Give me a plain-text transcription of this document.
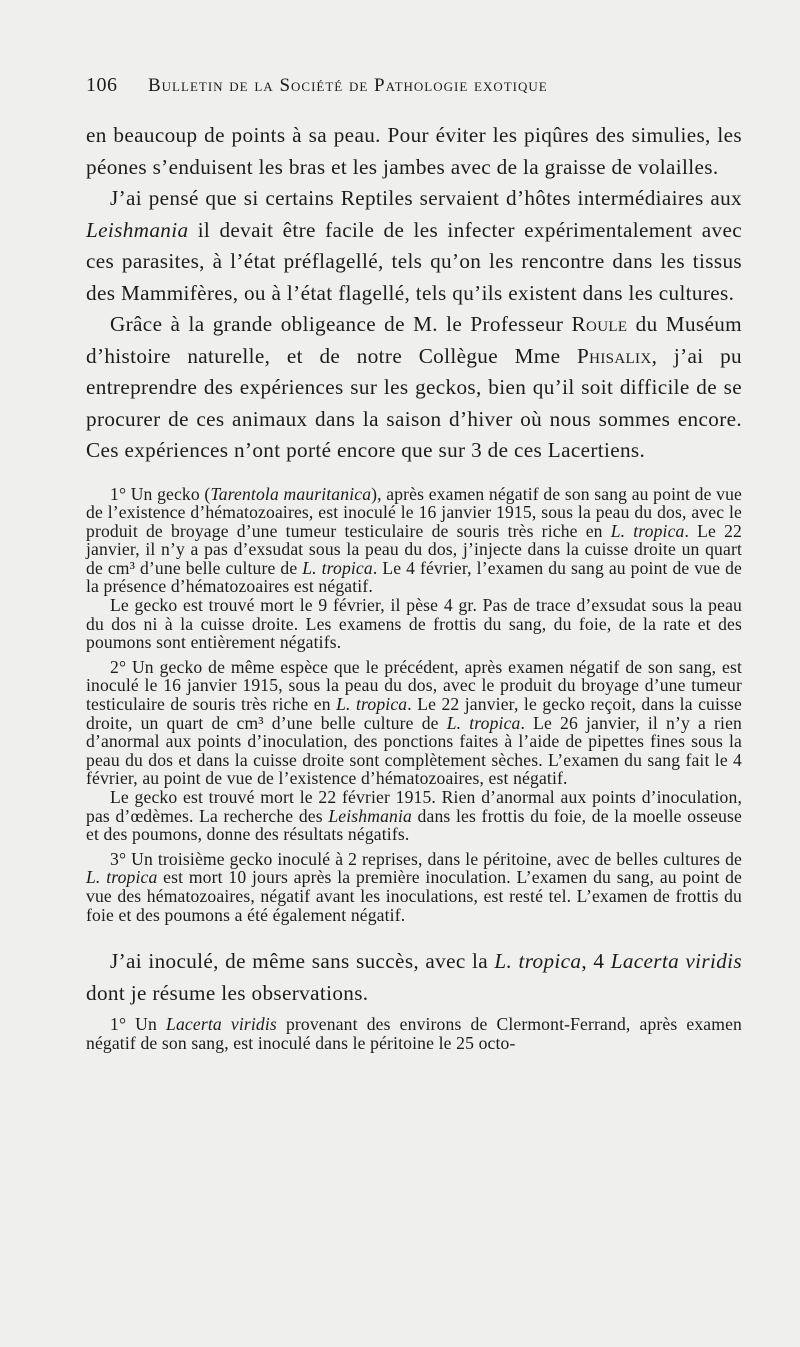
106	Bulletin de la Société de Pathologie exotique

en beaucoup de points à sa peau. Pour éviter les piqûres des simulies, les péones s’enduisent les bras et les jambes avec de la graisse de volailles.

J’ai pensé que si certains Reptiles servaient d’hôtes intermédiaires aux Leishmania il devait être facile de les infecter expérimentalement avec ces parasites, à l’état préflagellé, tels qu’on les rencontre dans les tissus des Mammifères, ou à l’état flagellé, tels qu’ils existent dans les cultures.

Grâce à la grande obligeance de M. le Professeur Roule du Muséum d’histoire naturelle, et de notre Collègue Mme Phisalix, j’ai pu entreprendre des expériences sur les geckos, bien qu’il soit difficile de se procurer de ces animaux dans la saison d’hiver où nous sommes encore. Ces expériences n’ont porté encore que sur 3 de ces Lacertiens.

1° Un gecko (Tarentola mauritanica), après examen négatif de son sang au point de vue de l’existence d’hématozoaires, est inoculé le 16 janvier 1915, sous la peau du dos, avec le produit de broyage d’une tumeur testiculaire de souris très riche en L. tropica. Le 22 janvier, il n’y a pas d’exsudat sous la peau du dos, j’injecte dans la cuisse droite un quart de cm³ d’une belle culture de L. tropica. Le 4 février, l’examen du sang au point de vue de la présence d’hématozoaires est négatif.

Le gecko est trouvé mort le 9 février, il pèse 4 gr. Pas de trace d’exsudat sous la peau du dos ni à la cuisse droite. Les examens de frottis du sang, du foie, de la rate et des poumons sont entièrement négatifs.

2° Un gecko de même espèce que le précédent, après examen négatif de son sang, est inoculé le 16 janvier 1915, sous la peau du dos, avec le produit du broyage d’une tumeur testiculaire de souris très riche en L. tropica. Le 22 janvier, le gecko reçoit, dans la cuisse droite, un quart de cm³ d’une belle culture de L. tropica. Le 26 janvier, il n’y a rien d’anormal aux points d’inoculation, des ponctions faites à l’aide de pipettes fines sous la peau du dos et dans la cuisse droite sont complètement sèches. L’examen du sang fait le 4 février, au point de vue de l’existence d’hématozoaires, est négatif.

Le gecko est trouvé mort le 22 février 1915. Rien d’anormal aux points d’inoculation, pas d’œdèmes. La recherche des Leishmania dans les frottis du foie, de la moelle osseuse et des poumons, donne des résultats négatifs.

3° Un troisième gecko inoculé à 2 reprises, dans le péritoine, avec de belles cultures de L. tropica est mort 10 jours après la première inoculation. L’examen du sang, au point de vue des hématozoaires, négatif avant les inoculations, est resté tel. L’examen de frottis du foie et des poumons a été également négatif.

J’ai inoculé, de même sans succès, avec la L. tropica, 4 Lacerta viridis dont je résume les observations.

1° Un Lacerta viridis provenant des environs de Clermont-Ferrand, après examen négatif de son sang, est inoculé dans le péritoine le 25 octo-
